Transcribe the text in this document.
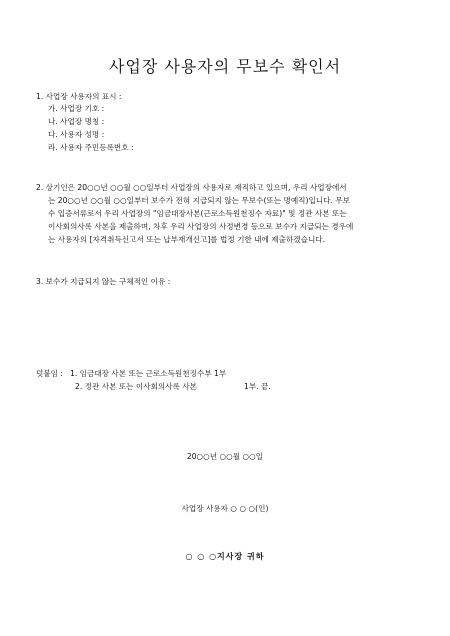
사업장 사용자의 무보수 확인서
1. 사업장 사용자의 표시 :
가. 사업장 기호 :
나. 사업장 명칭 :
다. 사용자 성명 :
라. 사용자 주민등록번호 :
2. 상기인은 20○○년 ○○월 ○○일부터 사업장의 사용자로 재직하고 있으며, 우리 사업장에서
는 20○○년 ○○월 ○○일부터 보수가 전혀 지급되지 않는 무보수(또는 명예직)입니다. 무보
수 입증서류로서 우리 사업장의 "임금대장사본(근로소득원천징수 자료)" 및 정관 사본 또는
이사회의사록 사본을 제출하며, 차후 우리 사업장의 사정변경 등으로 보수가 지급되는 경우에
는 사용자의 [자격취득신고서 또는 납부재개신고]를 법정 기한 내에 제출하겠습니다.
3. 보수가 지급되지 않는 구체적인 이유 :
덧붙임 : 1. 임금대장 사본 또는 근로소득원천징수부 1부
2. 정관 사본 또는 이사회의사록 사본	1부. 끝.
20○○년 ○○월 ○○일
사업장 사용자 ○ ○ ○(인)
○ ○ ○지사장 귀하
